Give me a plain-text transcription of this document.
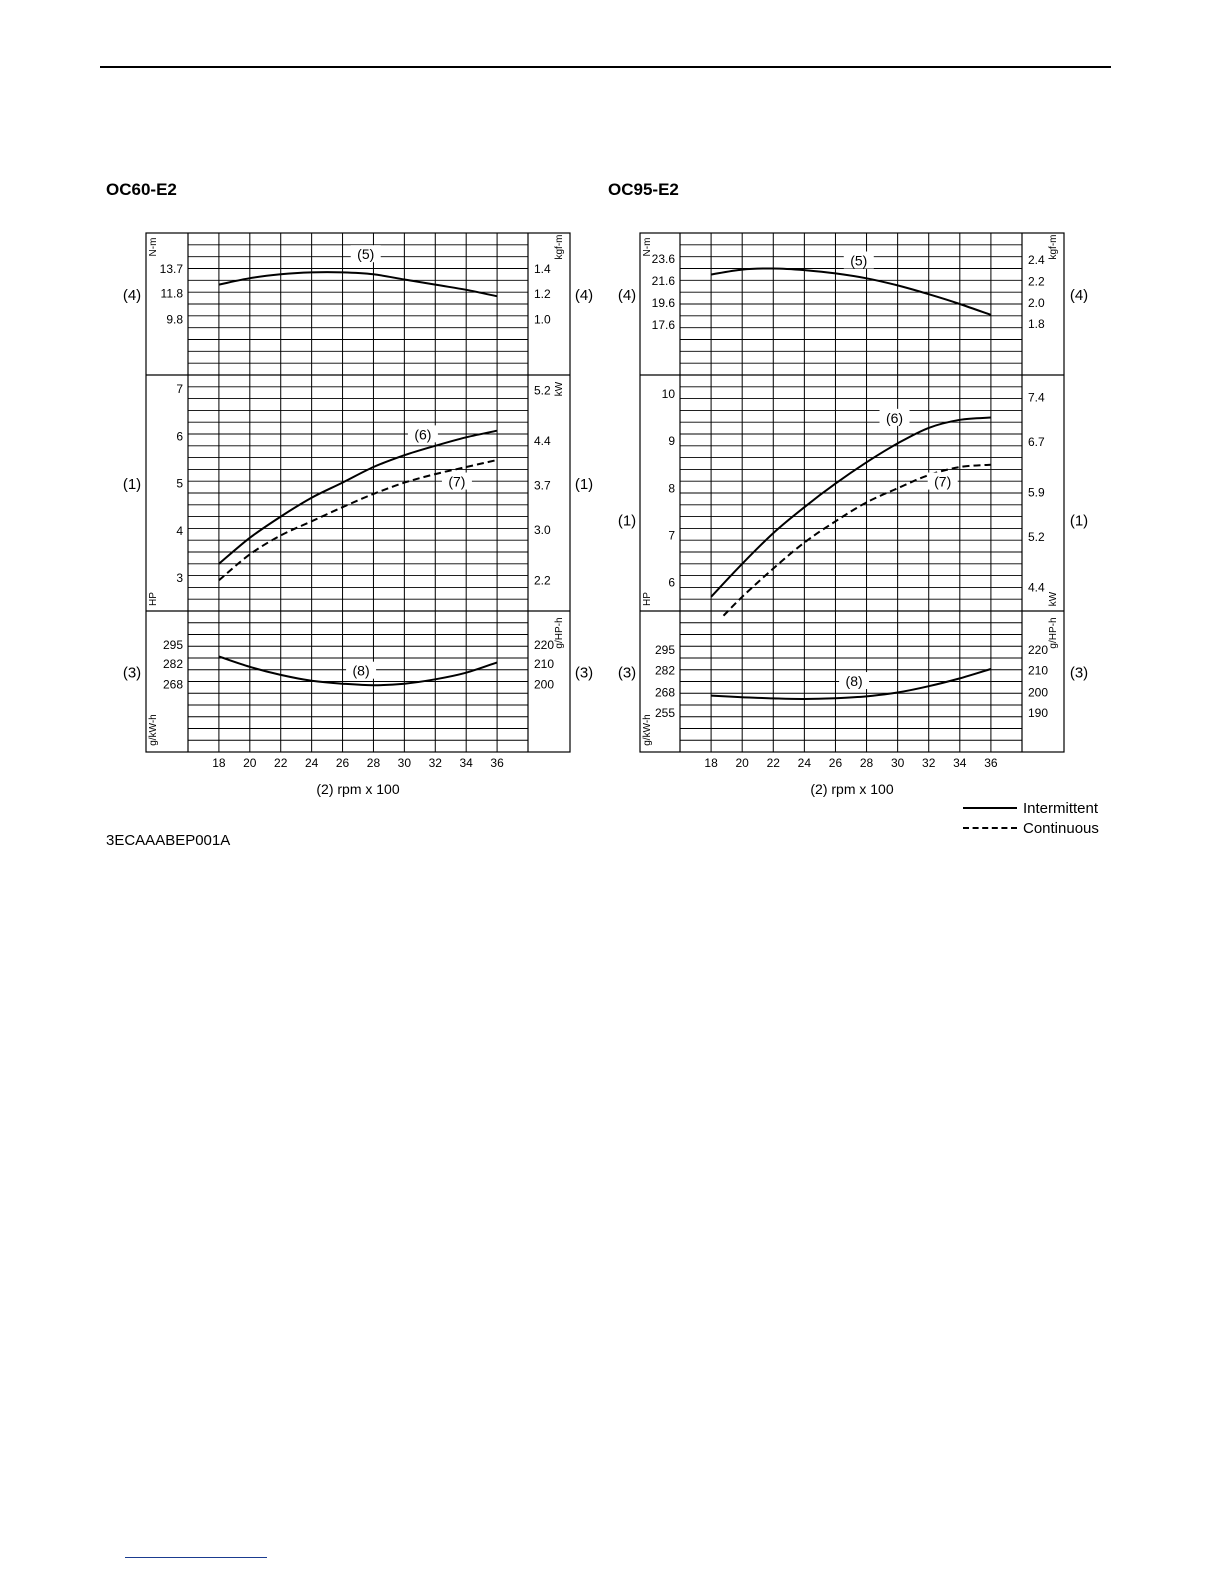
OC60-E2	OC95-E2
13.7
11.8
9.8
1.4
1.2
1.0
N-m	kgf-m
(4)	(4)
(5)
7
6
5
4
3
5.2
4.4
3.7
3.0
2.2
HP
kW
(1)	(1)
(6)
(7)
295
282
268
220
210
200
g/kW-h
g/HP-h
(3)	(3)
(8)
18 20 22 24 26 28 30 32 34 36
(2) rpm x 100
23.6
21.6
19.6
17.6
2.4
2.2
2.0
1.8
N-m	kgf-m
(4)	(4)
(5)
10
9
8
7
6
7.4
6.7
5.9
5.2
4.4
HP	kW
(1)	(1)
(6)
(7)
295
282
268
255
220
210
200
190
g/kW-h
g/HP-h
(3)	(3)
(8)
18 20 22 24 26 28 30 32 34 36
(2) rpm x 100
3ECAAABEP001A
Intermittent
Continuous
